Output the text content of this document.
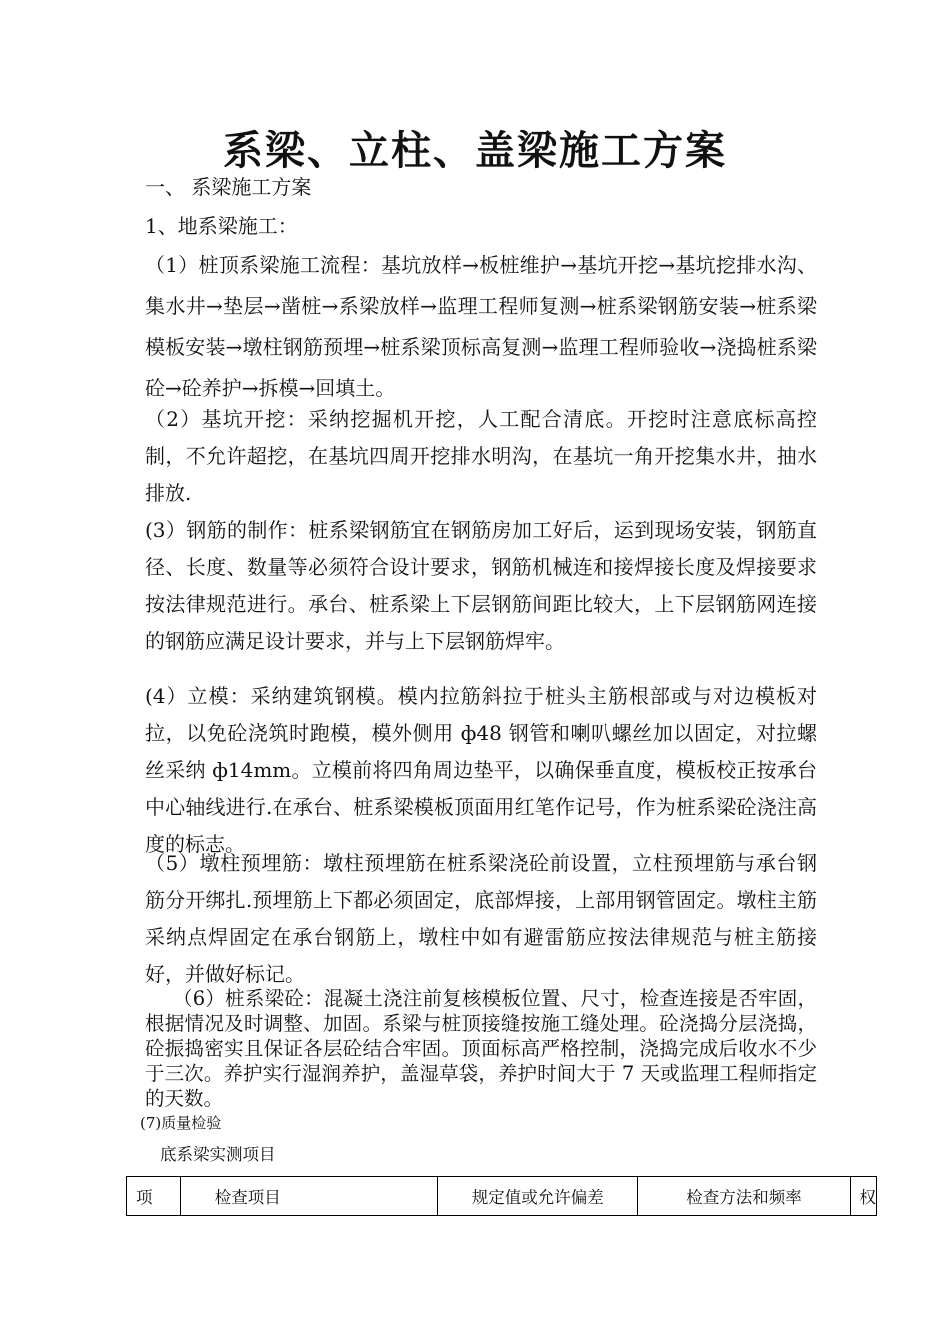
系梁、立柱、盖梁施工方案
一、 系梁施工方案
1、地系梁施工：
（1）桩顶系梁施工流程：基坑放样→板桩维护→基坑开挖→基坑挖排水沟、集水井→垫层→凿桩→系梁放样→监理工程师复测→桩系梁钢筋安装→桩系梁模板安装→墩柱钢筋预埋→桩系梁顶标高复测→监理工程师验收→浇捣桩系梁砼→砼养护→拆模→回填土。
（2）基坑开挖：采纳挖掘机开挖，人工配合清底。开挖时注意底标高控制，不允许超挖，在基坑四周开挖排水明沟，在基坑一角开挖集水井，抽水排放.
(3）钢筋的制作：桩系梁钢筋宜在钢筋房加工好后，运到现场安装，钢筋直径、长度、数量等必须符合设计要求，钢筋机械连和接焊接长度及焊接要求按法律规范进行。承台、桩系梁上下层钢筋间距比较大，上下层钢筋网连接的钢筋应满足设计要求，并与上下层钢筋焊牢。
(4）立模：采纳建筑钢模。模内拉筋斜拉于桩头主筋根部或与对边模板对拉，以免砼浇筑时跑模，模外侧用 ф48 钢管和喇叭螺丝加以固定，对拉螺丝采纳 ф14mm。立模前将四角周边垫平，以确保垂直度，模板校正按承台中心轴线进行.在承台、桩系梁模板顶面用红笔作记号，作为桩系梁砼浇注高度的标志。
（5）墩柱预埋筋：墩柱预埋筋在桩系梁浇砼前设置，立柱预埋筋与承台钢筋分开绑扎.预埋筋上下都必须固定，底部焊接，上部用钢管固定。墩柱主筋采纳点焊固定在承台钢筋上，墩柱中如有避雷筋应按法律规范与桩主筋接好，并做好标记。
（6）桩系梁砼：混凝土浇注前复核模板位置、尺寸，检查连接是否牢固，根据情况及时调整、加固。系梁与桩顶接缝按施工缝处理。砼浇捣分层浇捣，砼振捣密实且保证各层砼结合牢固。顶面标高严格控制，浇捣完成后收水不少于三次。养护实行湿润养护，盖湿草袋，养护时间大于 7 天或监理工程师指定的天数。
(7)质量检验
底系梁实测项目
项	检查项目	规定值或允许偏差	检查方法和频率	权
